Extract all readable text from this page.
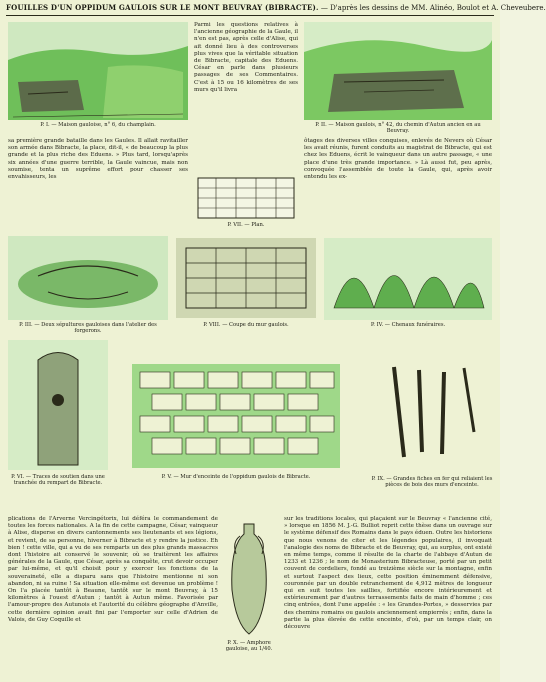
FOUILLES D'UN OPPIDUM GAULOIS SUR LE MONT BEUVRAY (BIBRACTE). — D'après les dessins de MM. Alinéo, Boulot et A. Cheveubere.
P. I. — Maison gauloise, n° 6, du champlain.
Parmi les questions relatives à l'ancienne géographie de la Gaule, il n'en est pas, après celle d'Alise, qui ait donné lieu à des controverses plus vives que la véritable situation de Bibracte, capitale des Eduens. César en parle dans plusieurs passages de ses Commentaires. C'est à 15 ou 16 kilomètres de ses murs qu'il livra
P. II. — Maison gaulois, n° 42, du chemin d'Autun ancien en au Beuvray.
sa première grande bataille dans les Gaules. Il allait ravitailler son armée dans Bibracte, la place, dit-il, « de beaucoup la plus grande et la plus riche des Eduens. » Plus tard, lorsqu'après six années d'une guerre terrible, la Gaule vaincue, mais non soumise, tenta un suprême effort pour chasser ses envahisseurs, les
P. VII. — Plan.
ôtages des diverses villes conquises, enlevés de Nevers où César les avait réunis, furent conduits au magistrat de Bibracte, qui est chez les Eduens, écrit le vainqueur dans un autre passage, « une place d'une très grande importance. » Là aussi fut, peu après, convoquée l'assemblée de toute la Gaule, qui, après avoir entendu les ex-
P. III. — Deux sépultures gauloises dans l'atelier des forgerons.
P. VIII. — Coupe du mur gaulois.	P. IV. — Chenaux funéraires.
P. VI. — Traces de soutien dans une tranchée du rempart de Bibracte.
P. V. — Mur d'enceinte de l'oppidum gaulois de Bibracte.	P. IX. — Grandes fiches en fer qui reliaient les pièces de bois des murs d'enceinte.
plications de l'Arverne Vercingétorix, lui déféra le commandement de toutes les forces nationales. A la fin de cette campagne, César, vainqueur à Alise, disperse en divers cantonnements ses lieutenants et ses légions, et revient, de sa personne, hiverner à Bibracte et y rendre la justice. Eh bien ! cette ville, qui a vu de ses remparts un des plus grands massacres dont l'histoire ait conservé le souvenir, où se traitèrent les affaires générales de la Gaule, que César, après sa conquête, crut devoir occuper par lui-même, et qu'il choisit pour y exercer les fonctions de la souveraineté, elle a disparu sans que l'histoire mentionne ni son abandon, ni sa ruine ! Sa situation elle-même est devenue un problème ! On l'a placée tantôt à Beaune, tantôt sur le mont Beuvray, à 15 kilomètres à l'ouest d'Autun ; tantôt à Autun même. Favorisée par l'amour-propre des Autunois et l'autorité du célèbre géographe d'Anville, cette dernière opinion avait fini par l'emporter sur celle d'Adrien de Valois, de Guy Coquille et
P. X. — Amphore gauloise, au 1/40.
sur les traditions locales, qui plaçaient sur le Beuvray « l'ancienne cité, » lorsque en 1856 M. J.-G. Bulliot reprit cette thèse dans un ouvrage sur le système défensif des Romains dans le pays éduen. Outre les historiens que nous venons de citer et les légendes populaires, il invoquait l'analogie des noms de Bibracte et de Beuvray, qui, au surplus, ont existé en même temps, comme il résulte de la charte de l'abbaye d'Autun de 1233 et 1236 ; le nom de Monasterium Bibracteuse, porté par un petit couvent de cordeliers, fondé au treizième siècle sur la montagne, enfin et surtout l'aspect des lieux, cette position éminemment défensive, couronnée par un double retranchement de 4,912 mètres de longueur qui en suit toutes les saillies, fortifiée encore intérieurement et extérieurement par d'autres terrassements faits de main d'homme ; ces cinq entrées, dont l'une appelée : « les Grandes-Portes, » desservies par des chemins romains ou gaulois anciennement empierrés ; enfin, dans la partie la plus élevée de cette enceinte, d'où, par un temps clair, on découvre
